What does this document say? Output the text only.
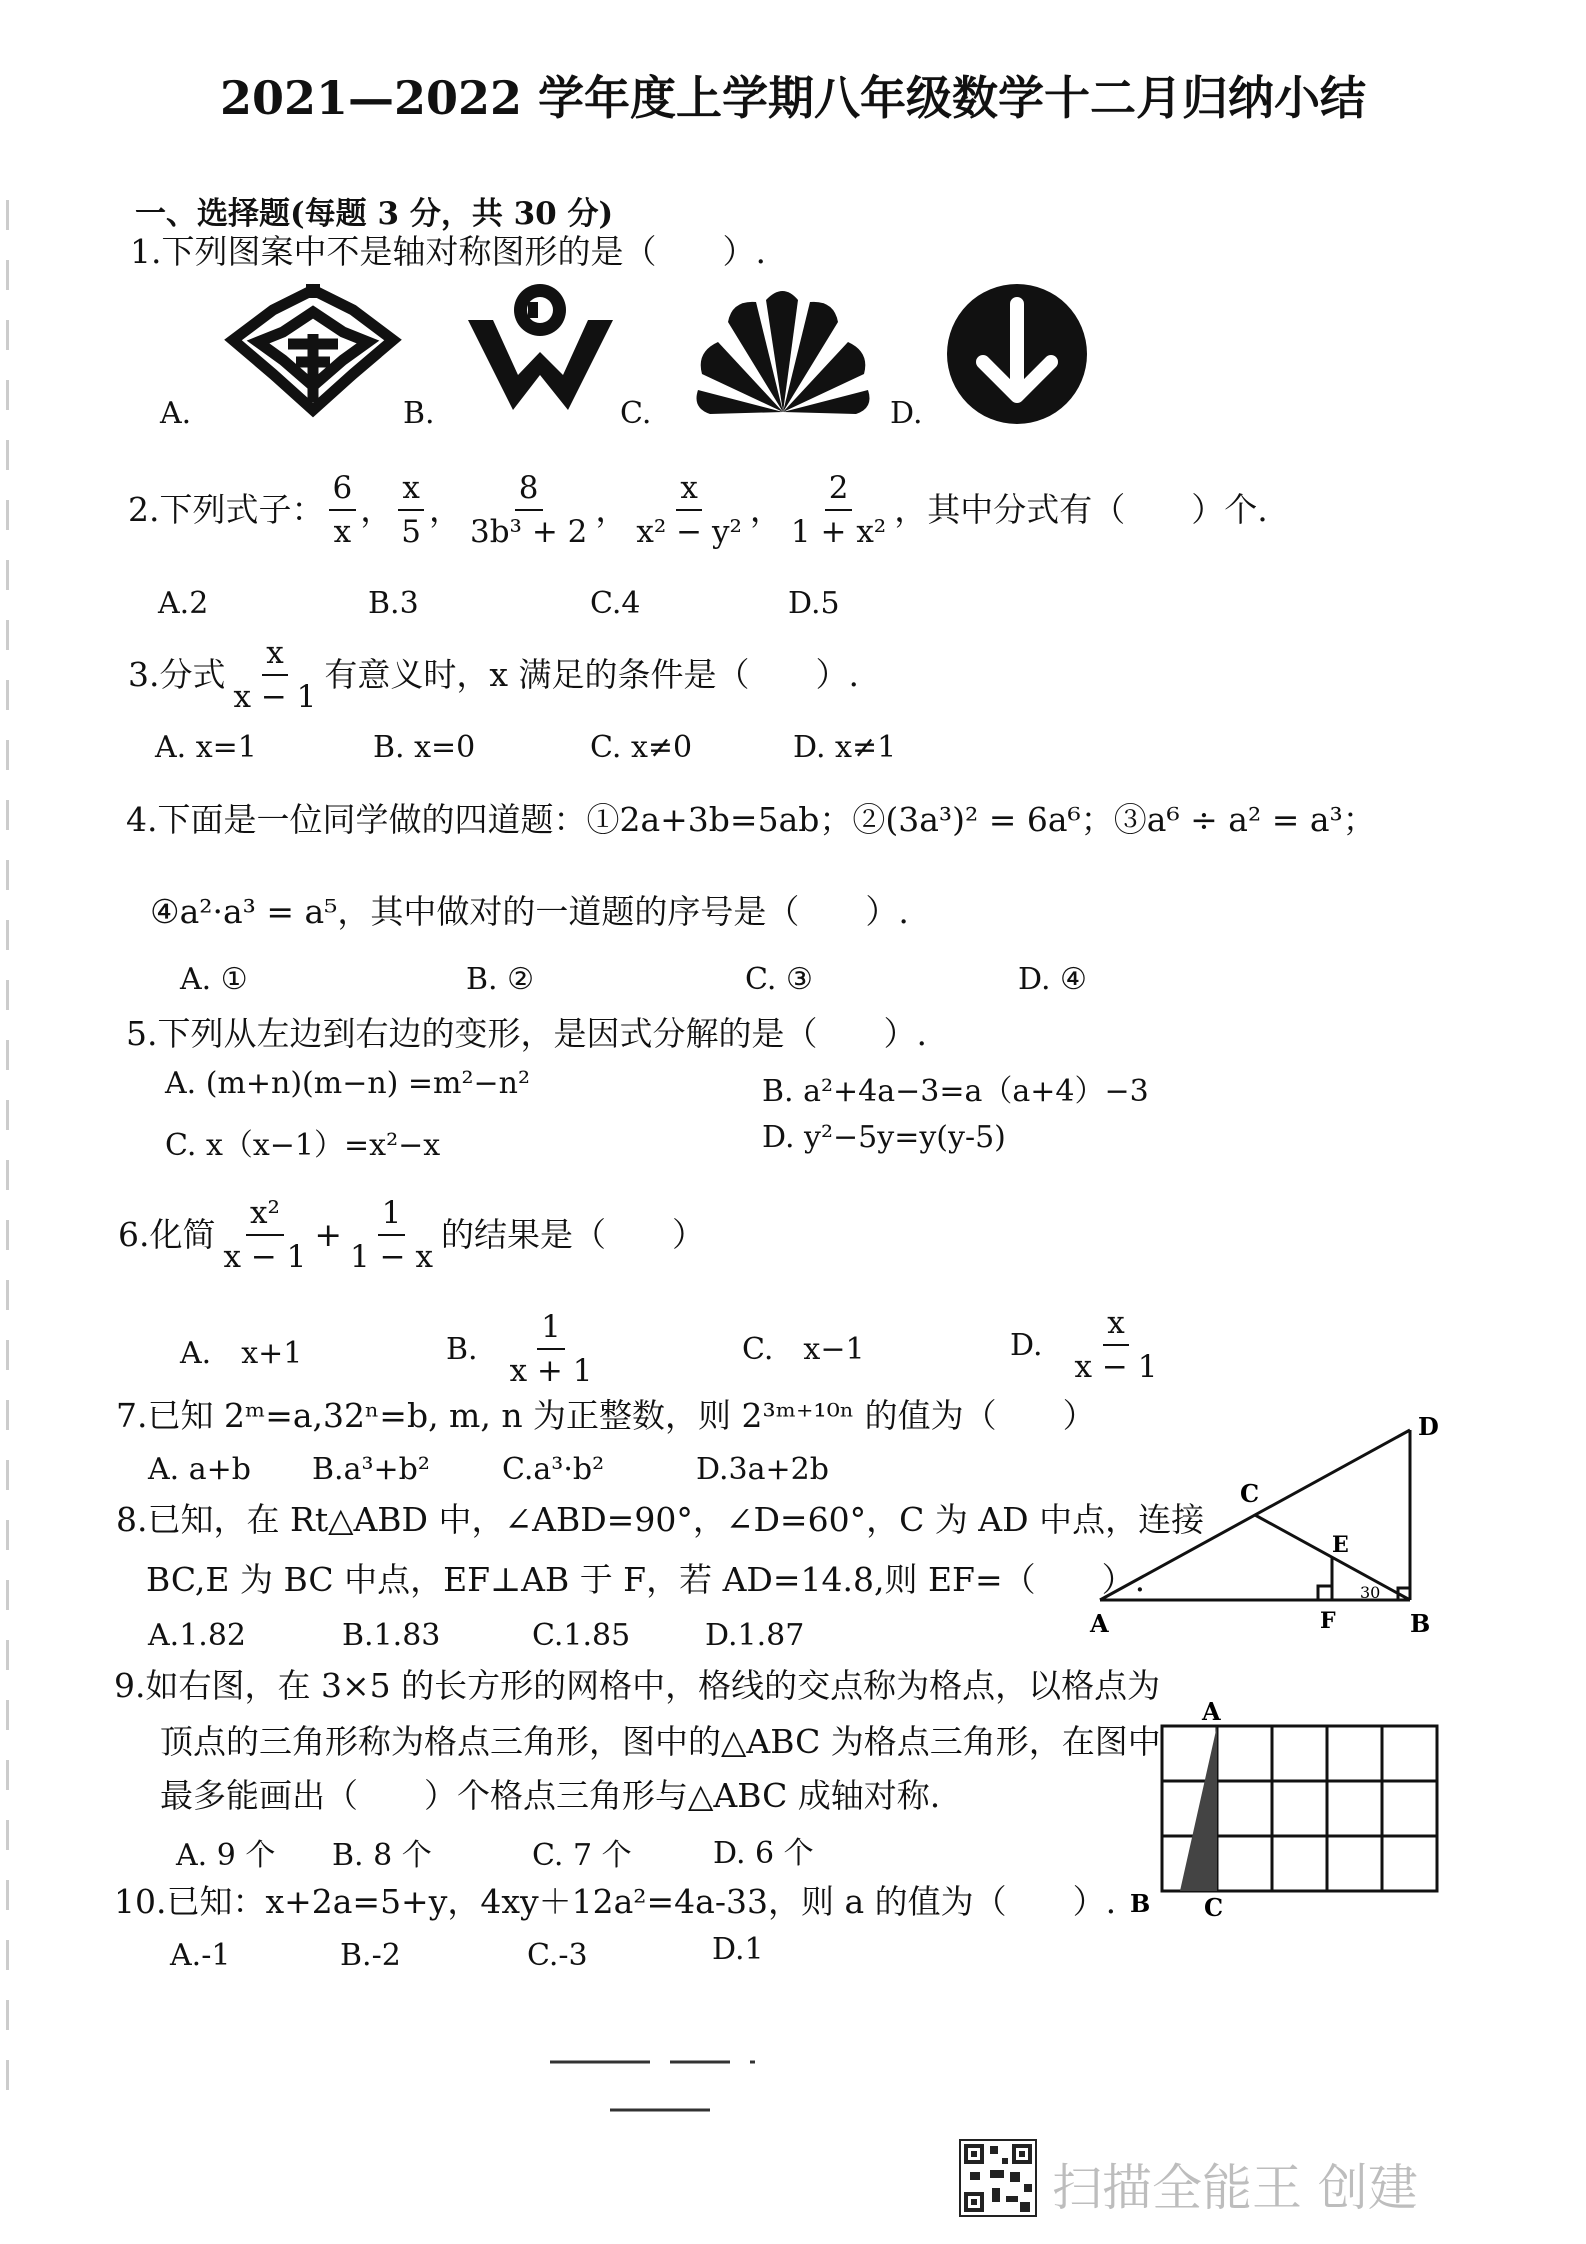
2021—2022 学年度上学期八年级数学十二月归纳小结
一、选择题(每题 3 分，共 30 分)
1.下列图案中不是轴对称图形的是（　　）.
A.	B.	C.	D.
2.下列式子： $\frac{6}{x}$ ， $\frac{x}{5}$ ， $\frac{8}{\text{3b³ + 2}}$ ， $\frac{x}{\text{x² − y²}}$ ， $\frac{2}{\text{1 + x²}}$ ，其中分式有（　　）个.
A.2	B.3	C.4	D.5
3.分式 $\frac{x}{x - 1}$ 有意义时，x 满足的条件是（　　）.
A. x=1	B. x=0	C. x≠0	D. x≠1
4.下面是一位同学做的四道题：①2a+3b=5ab；②(3a³)² = 6a⁶；③a⁶ ÷ a² = a³；
④a²·a³ = a⁵，其中做对的一道题的序号是（　　）.
A. ①	B. ②	C. ③	D. ④
5.下列从左边到右边的变形，是因式分解的是（　　）.
A. (m+n)(m−n) =m²−n²	B. a²+4a−3=a（a+4）−3
C. x（x−1）=x²−x	D. y²−5y=y(y-5)
6.化简 $\frac{\text{x²}}{x - 1} + \frac{1}{1 - x}$ 的结果是（　　）
A.　x+1	B. $\frac{1}{x + 1}$	C.　x−1	D. $\frac{x}{x - 1}$
7.已知 2ᵐ=a,32ⁿ=b, m, n 为正整数，则 2³ᵐ⁺¹⁰ⁿ 的值为（　　）
A. a+b B.a³+b² C.a³·b²	D.3a+2b
8.已知，在 Rt△ABD 中，∠ABD=90°，∠D=60°，C 为 AD 中点，连接
BC,E 为 BC 中点，EF⊥AB 于 F，若 AD=14.8,则 EF=（　　）.
A.1.82	B.1.83	C.1.85 D.1.87	A	B
C
D
E
F
30
9.如右图，在 3×5 的长方形的网格中，格线的交点称为格点，以格点为
顶点的三角形称为格点三角形，图中的△ABC 为格点三角形，在图中
最多能画出（　　）个格点三角形与△ABC 成轴对称.
A. 9 个 B. 8 个	C. 7 个	D. 6 个
A
B C
10.已知：x+2a=5+y，4xy＋12a²=4a-33，则 a 的值为（　　）.
A.-1	B.-2	C.-3	D.1
扫描全能王 创建
